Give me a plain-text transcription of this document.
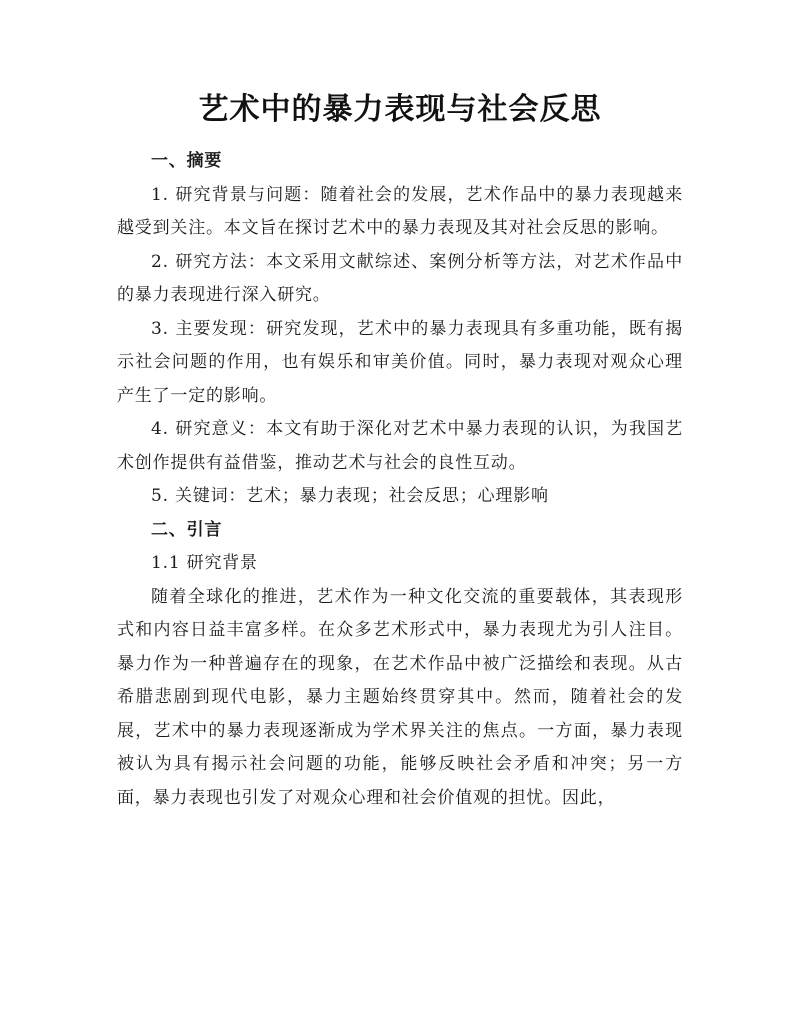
艺术中的暴力表现与社会反思

一、摘要

1. 研究背景与问题：随着社会的发展，艺术作品中的暴力表现越来越受到关注。本文旨在探讨艺术中的暴力表现及其对社会反思的影响。

2. 研究方法：本文采用文献综述、案例分析等方法，对艺术作品中的暴力表现进行深入研究。

3. 主要发现：研究发现，艺术中的暴力表现具有多重功能，既有揭示社会问题的作用，也有娱乐和审美价值。同时，暴力表现对观众心理产生了一定的影响。

4. 研究意义：本文有助于深化对艺术中暴力表现的认识，为我国艺术创作提供有益借鉴，推动艺术与社会的良性互动。

5. 关键词：艺术；暴力表现；社会反思；心理影响

二、引言

1.1 研究背景

随着全球化的推进，艺术作为一种文化交流的重要载体，其表现形式和内容日益丰富多样。在众多艺术形式中，暴力表现尤为引人注目。暴力作为一种普遍存在的现象，在艺术作品中被广泛描绘和表现。从古希腊悲剧到现代电影，暴力主题始终贯穿其中。然而，随着社会的发展，艺术中的暴力表现逐渐成为学术界关注的焦点。一方面，暴力表现被认为具有揭示社会问题的功能，能够反映社会矛盾和冲突；另一方面，暴力表现也引发了对观众心理和社会价值观的担忧。因此，
